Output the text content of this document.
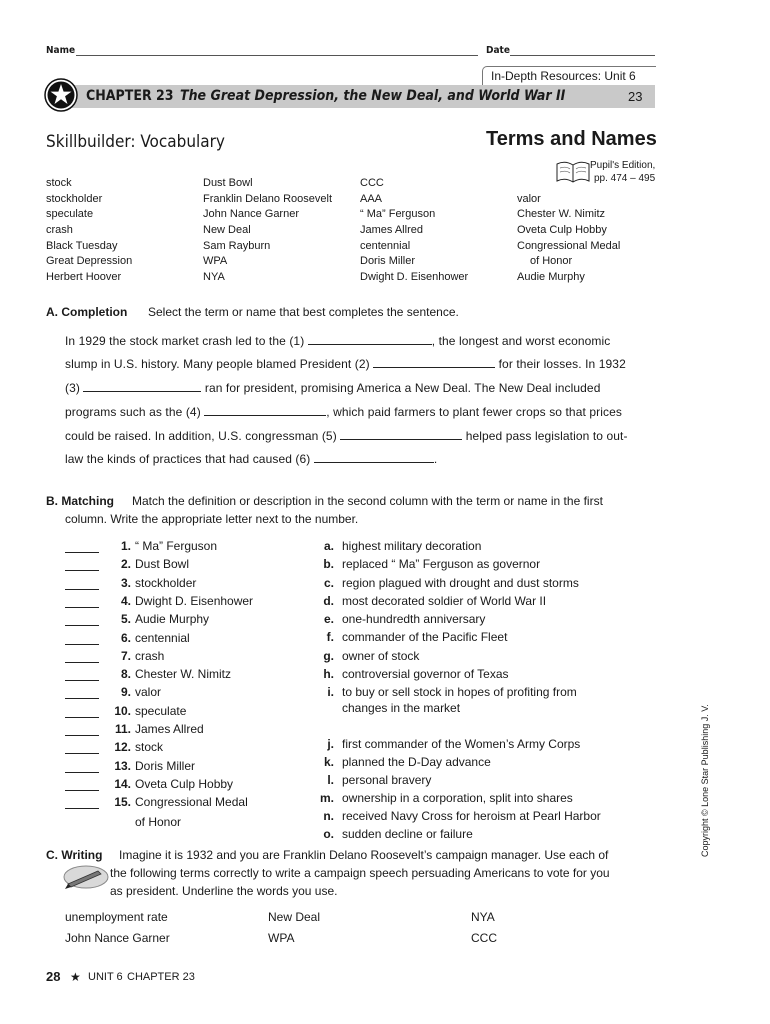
Name	Date
In-Depth Resources: Unit 6
CHAPTER 23 The Great Depression, the New Deal, and World War II	23
Skillbuilder: Vocabulary	Terms and Names
Pupil's Edition,
pp. 474 – 495
stock
stockholder
speculate
crash
Black Tuesday
Great Depression
Herbert Hoover
Dust Bowl
Franklin Delano Roosevelt
John Nance Garner
New Deal
Sam Rayburn
WPA
NYA
CCC
AAA
“ Ma” Ferguson
James Allred
centennial
Doris Miller
Dwight D. Eisenhower
valor
Chester W. Nimitz
Oveta Culp Hobby
Congressional Medal
of Honor
Audie Murphy
A. Completion Select the term or name that best completes the sentence.
In 1929 the stock market crash led to the (1)	, the longest and worst economic
slump in U.S. history. Many people blamed President (2)	for their losses. In 1932
(3)	ran for president, promising America a New Deal. The New Deal included
programs such as the (4)	, which paid farmers to plant fewer crops so that prices
could be raised. In addition, U.S. congressman (5)	helped pass legislation to out-
law the kinds of practices that had caused (6)	.
B. Matching Match the definition or description in the second column with the term or name in the first
column. Write the appropriate letter next to the number.
1. “ Ma” Ferguson
2. Dust Bowl
3. stockholder
4. Dwight D. Eisenhower
5. Audie Murphy
6. centennial
7. crash
8. Chester W. Nimitz
9. valor
10. speculate
11. James Allred
12. stock
13. Doris Miller
14. Oveta Culp Hobby
15. Congressional Medal
a. highest military decoration
b. replaced “ Ma” Ferguson as governor
c. region plagued with drought and dust storms
d. most decorated soldier of World War II
e. one-hundredth anniversary
f. commander of the Pacific Fleet
g. owner of stock
h. controversial governor of Texas
i. to buy or sell stock in hopes of profiting from
j. first commander of the Women’s Army Corps
k. planned the D-Day advance
l. personal bravery
m. ownership in a corporation, split into shares
n. received Navy Cross for heroism at Pearl Harbor
o. sudden decline or failure
of Honor
changes in the market
C. Writing Imagine it is 1932 and you are Franklin Delano Roosevelt’s campaign manager. Use each of
the following terms correctly to write a campaign speech persuading Americans to vote for you
as president. Underline the words you use.
unemployment rate	New Deal	NYA
John Nance Garner	WPA	CCC
Copyright © Lone Star Publishing J. V.
28 ★ UNIT 6 CHAPTER 23
